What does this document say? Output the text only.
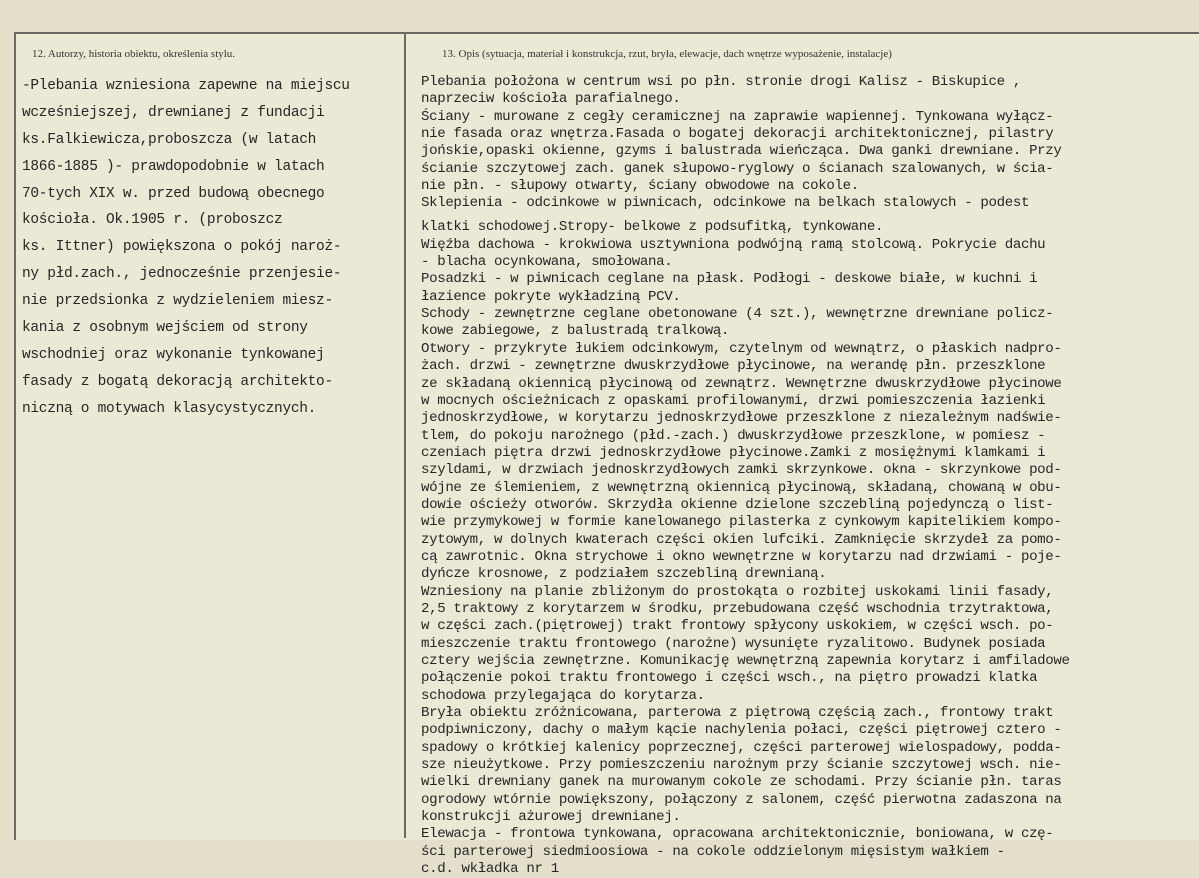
12. Autorzy, historia obiektu, określenia stylu.	13. Opis (sytuacja, materiał i konstrukcja, rzut, bryła, elewacje, dach wnętrze wyposażenie, instalacje)
-Plebania wzniesiona zapewne na miejscu
wcześniejszej, drewnianej z fundacji
ks.Falkiewicza,proboszcza (w latach
1866-1885 )- prawdopodobnie w latach
70-tych XIX w. przed budową obecnego
kościoła. Ok.1905 r. (proboszcz
ks. Ittner) powiększona o pokój naroż-
ny płd.zach., jednocześnie przenjesie-
nie przedsionka z wydzieleniem miesz-
kania z osobnym wejściem od strony
wschodniej oraz wykonanie tynkowanej
fasady z bogatą dekoracją architekto-
niczną o motywach klasycystycznych.
Plebania położona w centrum wsi po płn. stronie drogi Kalisz - Biskupice ,
naprzeciw kościoła parafialnego.
Ściany - murowane z cegły ceramicznej na zaprawie wapiennej. Tynkowana wyłącz-
nie fasada oraz wnętrza.Fasada o bogatej dekoracji architektonicznej, pilastry
jońskie,opaski okienne, gzyms i balustrada wieńcząca. Dwa ganki drewniane. Przy
ścianie szczytowej zach. ganek słupowo-ryglowy o ścianach szalowanych, w ścia-
nie płn. - słupowy otwarty, ściany obwodowe na cokole.
Sklepienia - odcinkowe w piwnicach, odcinkowe na belkach stalowych - podest
klatki schodowej.Stropy- belkowe z podsufitką, tynkowane.
Więźba dachowa - krokwiowa usztywniona podwójną ramą stolcową. Pokrycie dachu
- blacha ocynkowana, smołowana.
Posadzki - w piwnicach ceglane na płask. Podłogi - deskowe białe, w kuchni i
łazience pokryte wykładziną PCV.
Schody - zewnętrzne ceglane obetonowane (4 szt.), wewnętrzne drewniane policz-
kowe zabiegowe, z balustradą tralkową.
Otwory - przykryte łukiem odcinkowym, czytelnym od wewnątrz, o płaskich nadpro-
żach. drzwi - zewnętrzne dwuskrzydłowe płycinowe, na werandę płn. przeszklone
ze składaną okiennicą płycinową od zewnątrz. Wewnętrzne dwuskrzydłowe płycinowe
w mocnych ościeżnicach z opaskami profilowanymi, drzwi pomieszczenia łazienki
jednoskrzydłowe, w korytarzu jednoskrzydłowe przeszklone z niezależnym nadświe-
tlem, do pokoju narożnego (płd.-zach.) dwuskrzydłowe przeszklone, w pomiesz -
czeniach piętra drzwi jednoskrzydłowe płycinowe.Zamki z mosiężnymi klamkami i
szyldami, w drzwiach jednoskrzydłowych zamki skrzynkowe. okna - skrzynkowe pod-
wójne ze ślemieniem, z wewnętrzną okiennicą płycinową, składaną, chowaną w obu-
dowie ościeży otworów. Skrzydła okienne dzielone szczebliną pojedynczą o list-
wie przymykowej w formie kanelowanego pilasterka z cynkowym kapitelikiem kompo-
zytowym, w dolnych kwaterach części okien lufciki. Zamknięcie skrzydeł za pomo-
cą zawrotnic. Okna strychowe i okno wewnętrzne w korytarzu nad drzwiami - poje-
dyńcze krosnowe, z podziałem szczebliną drewnianą.
Wzniesiony na planie zbliżonym do prostokąta o rozbitej uskokami linii fasady,
2,5 traktowy z korytarzem w środku, przebudowana część wschodnia trzytraktowa,
w części zach.(piętrowej) trakt frontowy spłycony uskokiem, w części wsch. po-
mieszczenie traktu frontowego (narożne) wysunięte ryzalitowo. Budynek posiada
cztery wejścia zewnętrzne. Komunikację wewnętrzną zapewnia korytarz i amfiladowe
połączenie pokoi traktu frontowego i części wsch., na piętro prowadzi klatka
schodowa przylegająca do korytarza.
Bryła obiektu zróżnicowana, parterowa z piętrową częścią zach., frontowy trakt
podpiwniczony, dachy o małym kącie nachylenia połaci, części piętrowej cztero -
spadowy o krótkiej kalenicy poprzecznej, części parterowej wielospadowy, podda-
sze nieużytkowe. Przy pomieszczeniu narożnym przy ścianie szczytowej wsch. nie-
wielki drewniany ganek na murowanym cokole ze schodami. Przy ścianie płn. taras
ogrodowy wtórnie powiększony, połączony z salonem, część pierwotna zadaszona na
konstrukcji ażurowej drewnianej.
Elewacja - frontowa tynkowana, opracowana architektonicznie, boniowana, w czę-
ści parterowej siedmioosiowa - na cokole oddzielonym mięsistym wałkiem -
c.d. wkładka nr 1
